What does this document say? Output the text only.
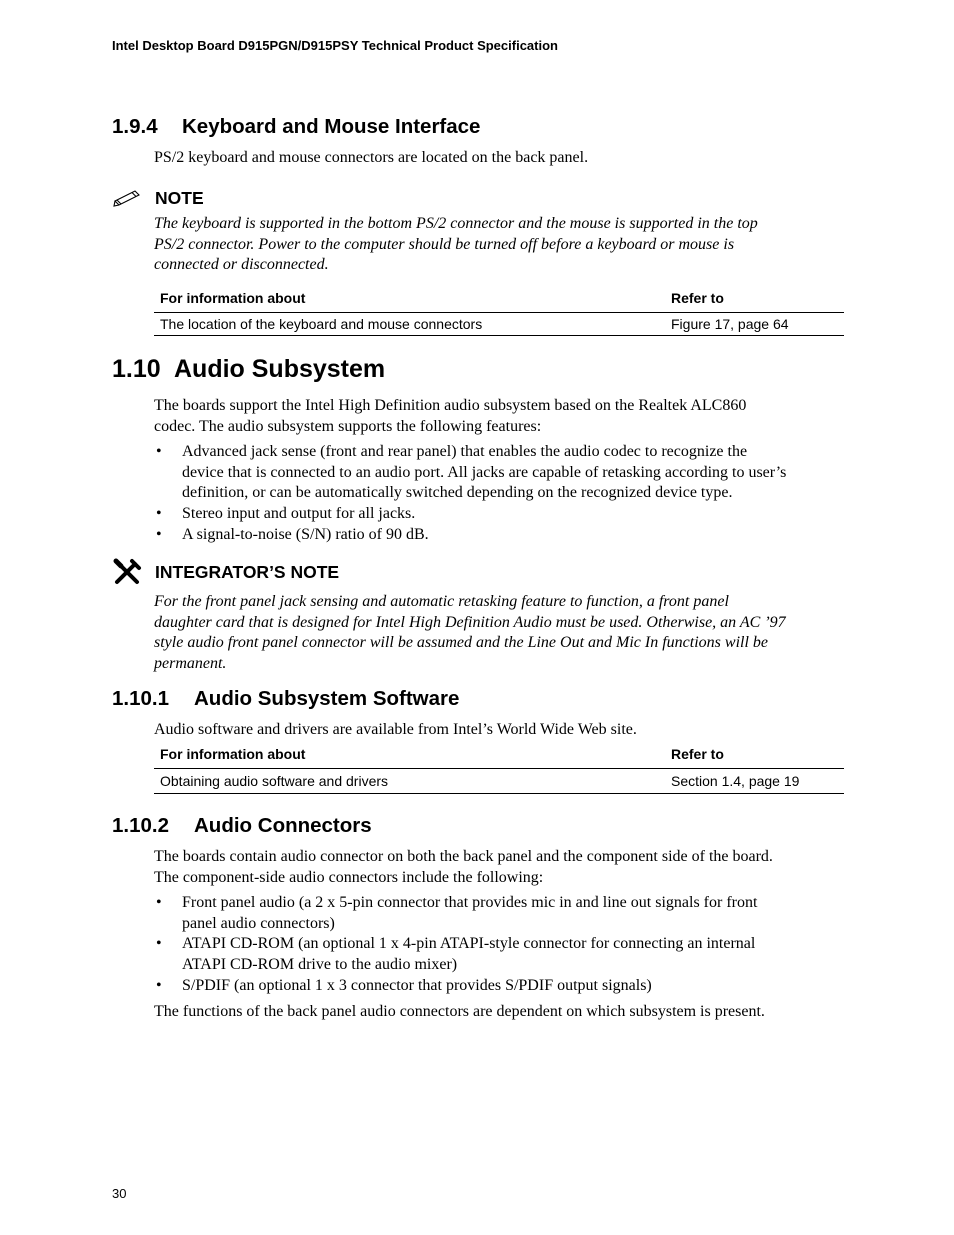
Intel Desktop Board D915PGN/D915PSY Technical Product Specification
1.9.4 Keyboard and Mouse Interface
PS/2 keyboard and mouse connectors are located on the back panel.
NOTE
The keyboard is supported in the bottom PS/2 connector and the mouse is supported in the top
PS/2 connector. Power to the computer should be turned off before a keyboard or mouse is
connected or disconnected.
For information about	Refer to
The location of the keyboard and mouse connectors	Figure 17, page 64
1.10 Audio Subsystem
The boards support the Intel High Definition audio subsystem based on the Realtek ALC860
codec. The audio subsystem supports the following features:
• Advanced jack sense (front and rear panel) that enables the audio codec to recognize the
device that is connected to an audio port. All jacks are capable of retasking according to user’s
definition, or can be automatically switched depending on the recognized device type.
• Stereo input and output for all jacks.
• A signal-to-noise (S/N) ratio of 90 dB.
INTEGRATOR’S NOTE
For the front panel jack sensing and automatic retasking feature to function, a front panel
daughter card that is designed for Intel High Definition Audio must be used. Otherwise, an AC ’97
style audio front panel connector will be assumed and the Line Out and Mic In functions will be
permanent.
1.10.1 Audio Subsystem Software
Audio software and drivers are available from Intel’s World Wide Web site.
For information about	Refer to
Obtaining audio software and drivers	Section 1.4, page 19
1.10.2 Audio Connectors
The boards contain audio connector on both the back panel and the component side of the board.
The component-side audio connectors include the following:
• Front panel audio (a 2 x 5-pin connector that provides mic in and line out signals for front
panel audio connectors)
• ATAPI CD-ROM (an optional 1 x 4-pin ATAPI-style connector for connecting an internal
ATAPI CD-ROM drive to the audio mixer)
• S/PDIF (an optional 1 x 3 connector that provides S/PDIF output signals)
The functions of the back panel audio connectors are dependent on which subsystem is present.
30
